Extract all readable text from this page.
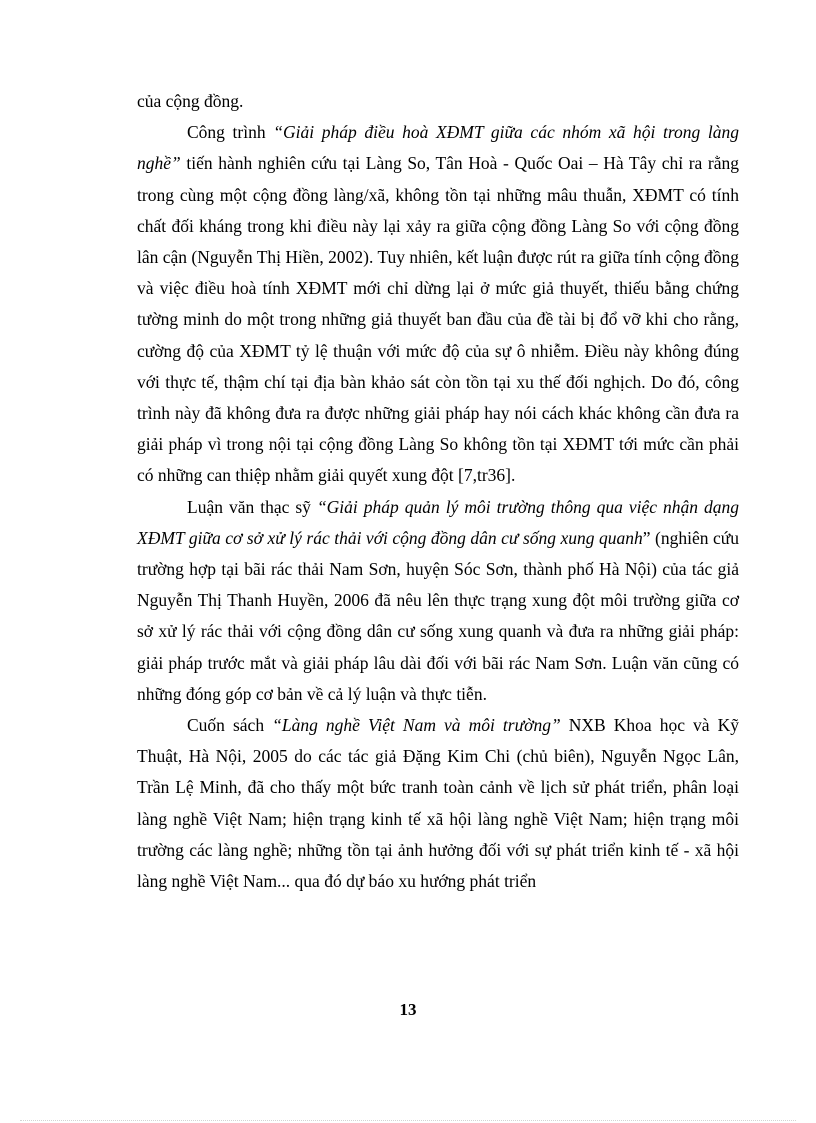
của cộng đồng.

Công trình “Giải pháp điều hoà XĐMT giữa các nhóm xã hội trong làng nghề” tiến hành nghiên cứu tại Làng So, Tân Hoà - Quốc Oai – Hà Tây chỉ ra rằng trong cùng một cộng đồng làng/xã, không tồn tại những mâu thuẫn, XĐMT có tính chất đối kháng trong khi điều này lại xảy ra giữa cộng đồng Làng So với cộng đồng lân cận (Nguyễn Thị Hiền, 2002). Tuy nhiên, kết luận được rút ra giữa tính cộng đồng và việc điều hoà tính XĐMT mới chỉ dừng lại ở mức giả thuyết, thiếu bằng chứng tường minh do một trong những giả thuyết ban đầu của đề tài bị đổ vỡ khi cho rằng, cường độ của XĐMT tỷ lệ thuận với mức độ của sự ô nhiễm. Điều này không đúng với thực tế, thậm chí tại địa bàn khảo sát còn tồn tại xu thế đối nghịch. Do đó, công trình này đã không đưa ra được những giải pháp hay nói cách khác không cần đưa ra giải pháp vì trong nội tại cộng đồng Làng So không tồn tại XĐMT tới mức cần phải có những can thiệp nhằm giải quyết xung đột [7,tr36].

Luận văn thạc sỹ “Giải pháp quản lý môi trường thông qua việc nhận dạng XĐMT giữa cơ sở xử lý rác thải với cộng đồng dân cư sống xung quanh” (nghiên cứu trường hợp tại bãi rác thải Nam Sơn, huyện Sóc Sơn, thành phố Hà Nội) của tác giả Nguyễn Thị Thanh Huyền, 2006 đã nêu lên thực trạng xung đột môi trường giữa cơ sở xử lý rác thải với cộng đồng dân cư sống xung quanh và đưa ra những giải pháp: giải pháp trước mắt và giải pháp lâu dài đối với bãi rác Nam Sơn. Luận văn cũng có những đóng góp cơ bản về cả lý luận và thực tiễn.

Cuốn sách “Làng nghề Việt Nam và môi trường” NXB Khoa học và Kỹ Thuật, Hà Nội, 2005 do các tác giả Đặng Kim Chi (chủ biên), Nguyễn Ngọc Lân, Trần Lệ Minh, đã cho thấy một bức tranh toàn cảnh về lịch sử phát triển, phân loại làng nghề Việt Nam; hiện trạng kinh tế xã hội làng nghề Việt Nam; hiện trạng môi trường các làng nghề; những tồn tại ảnh hưởng đối với sự phát triển kinh tế - xã hội làng nghề Việt Nam... qua đó dự báo xu hướng phát triển

13
